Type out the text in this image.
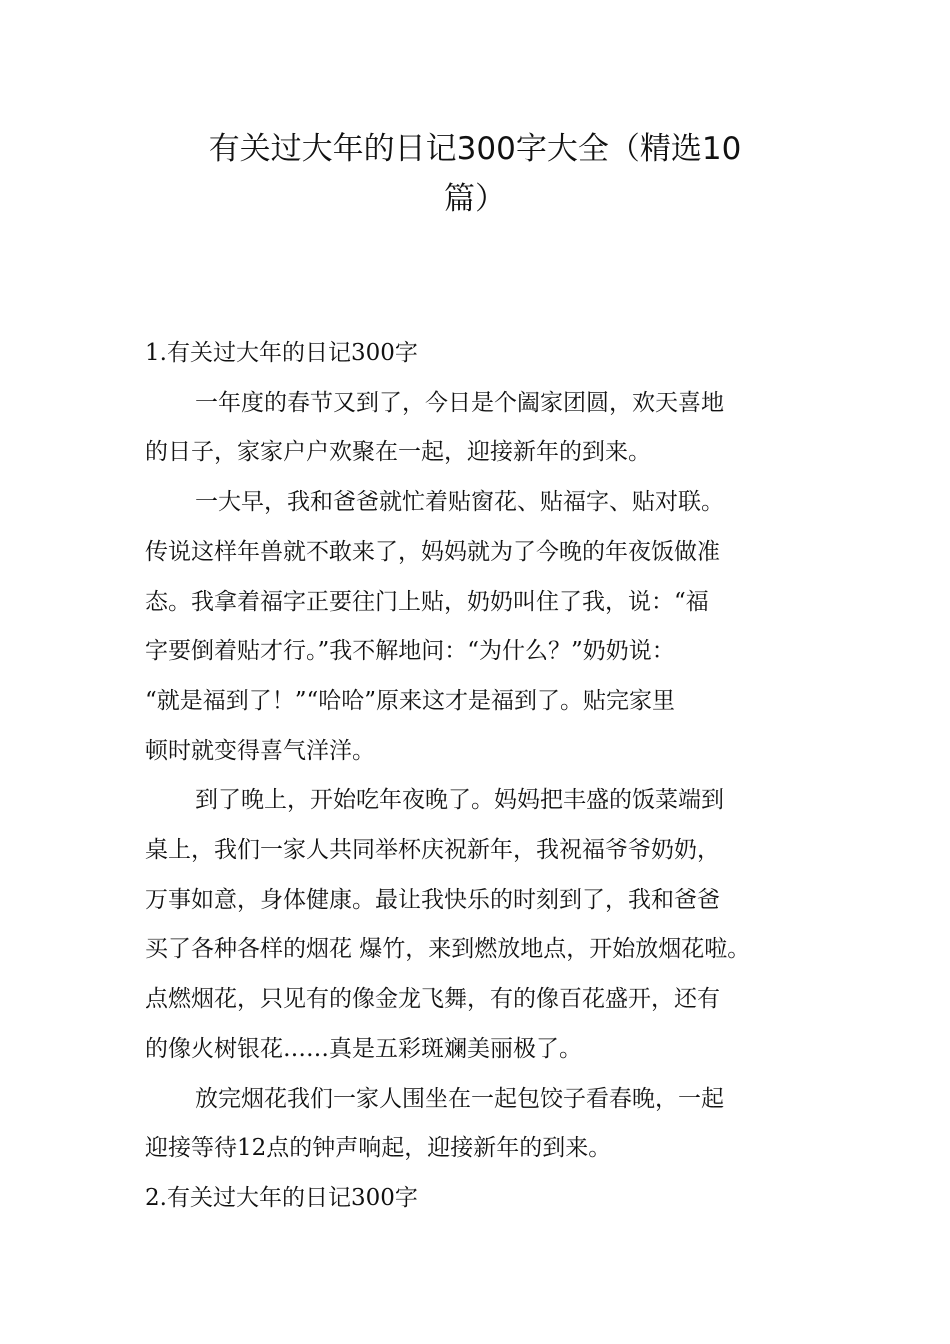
有关过大年的日记300字大全（精选10
篇）
1.有关过大年的日记300字

一年度的春节又到了，今日是个阖家团圆，欢天喜地
的日子，家家户户欢聚在一起，迎接新年的到来。

一大早，我和爸爸就忙着贴窗花、贴福字、贴对联。
传说这样年兽就不敢来了，妈妈就为了今晚的年夜饭做准
态。我拿着福字正要往门上贴，奶奶叫住了我，说：“福
字要倒着贴才行。”我不解地问：“为什么？”奶奶说：
“就是福到了！”“哈哈”原来这才是福到了。贴完家里
顿时就变得喜气洋洋。

到了晚上，开始吃年夜晚了。妈妈把丰盛的饭菜端到
桌上，我们一家人共同举杯庆祝新年，我祝福爷爷奶奶，
万事如意，身体健康。最让我快乐的时刻到了，我和爸爸
买了各种各样的烟花 爆竹，来到燃放地点，开始放烟花啦。
点燃烟花，只见有的像金龙飞舞，有的像百花盛开，还有
的像火树银花……真是五彩斑斓美丽极了。

放完烟花我们一家人围坐在一起包饺子看春晚，一起
迎接等待12点的钟声响起，迎接新年的到来。

2.有关过大年的日记300字
